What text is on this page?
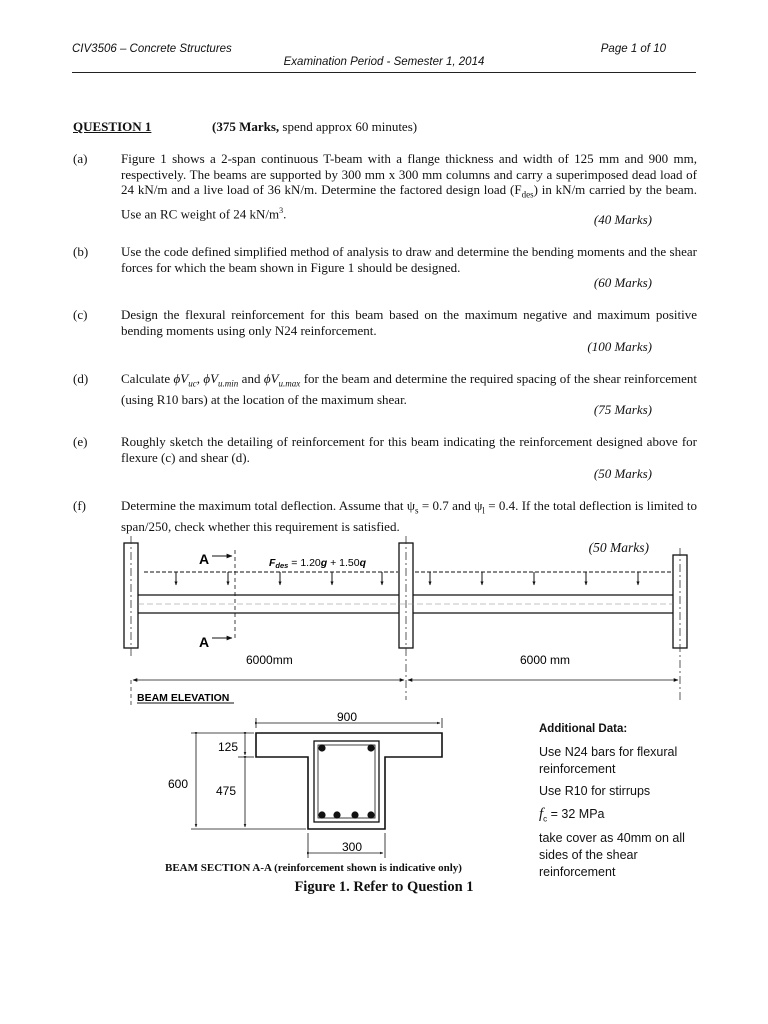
CIV3506 – Concrete Structures	Page 1 of 10
Examination Period - Semester 1, 2014
QUESTION 1	(375 Marks, spend approx 60 minutes)
(a)	Figure 1 shows a 2-span continuous T-beam with a flange thickness and width of 125 mm and 900 mm, respectively. The beams are supported by 300 mm x 300 mm columns and carry a superimposed dead load of 24 kN/m and a live load of 36 kN/m. Determine the factored design load $(F_{des})$ in kN/m carried by the beam. Use an RC weight of 24 $kN/m^3$.	(40 Marks)
(b)	Use the code defined simplified method of analysis to draw and determine the bending moments and the shear forces for which the beam shown in Figure 1 should be designed.
(60 Marks)
(c)	Design the flexural reinforcement for this beam based on the maximum negative and maximum positive bending moments using only N24 reinforcement.
(100 Marks)
(d)	Calculate $\phi V_{uc}$, $\phi V_{u.min}$ and $\phi V_{u.max}$ for the beam and determine the required spacing of the shear reinforcement (using R10 bars) at the location of the maximum shear.
(75 Marks)
(e)	Roughly sketch the detailing of reinforcement for this beam indicating the reinforcement designed above for flexure (c) and shear (d).
(50 Marks)
(f)	Determine the maximum total deflection. Assume that $\psi_s = 0.7$ and $\psi_l = 0.4$. If the total deflection is limited to span/250, check whether this requirement is satisfied.
(50 Marks)
Fdes = 1.20g + 1.50q
A
A
6000mm	6000 mm
BEAM ELEVATION
900
125
600 475
300
BEAM SECTION A-A (reinforcement shown is indicative only)
Figure 1. Refer to Question 1
Additional Data:
Use N24 bars for flexural reinforcement
Use R10 for stirrups
$f_c = 32$ MPa
take cover as 40mm on all sides of the shear reinforcement
